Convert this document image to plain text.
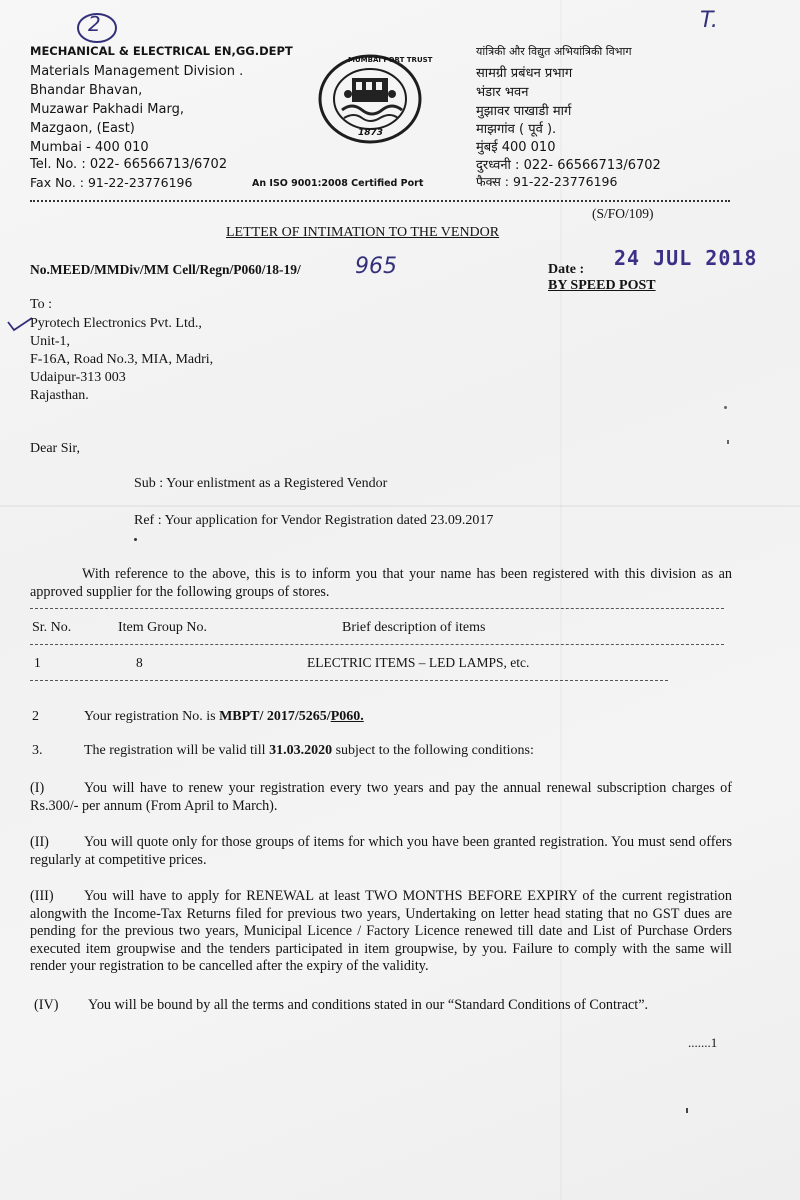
2	T.
MECHANICAL & ELECTRICAL EN,GG.DEPT
Materials Management Division .
Bhandar Bhavan,
Muzawar Pakhadi Marg,
Mazgaon, (East)
Mumbai - 400 010
Tel. No. : 022- 66566713/6702
Fax No. : 91-22-23776196
MUMBAI PORT TRUST
1873
An ISO 9001:2008 Certified Port
यांत्रिकी और विद्युत अभियांत्रिकी विभाग
सामग्री प्रबंधन प्रभाग
भंडार भवन
मुझावर पाखाडी मार्ग
माझगांव ( पूर्व ).
मुंबई 400 010
दुरध्वनी : 022- 66566713/6702
फैक्स : 91-22-23776196
(S/FO/109)
LETTER OF INTIMATION TO THE VENDOR
No.MEED/MMDiv/MM Cell/Regn/P060/18-19/ 965	Date : 24 JUL 2018
BY SPEED POST
To :
Pyrotech Electronics Pvt. Ltd.,
Unit-1,
F-16A, Road No.3, MIA, Madri,
Udaipur-313 003
Rajasthan.
Dear Sir,
Sub : Your enlistment as a Registered Vendor
Ref : Your application for Vendor Registration dated 23.09.2017
With reference to the above, this is to inform you that your name has been registered with this division as an approved supplier for the following groups of stores.
Sr. No.	Item Group No.	Brief description of items
1	8	ELECTRIC ITEMS – LED LAMPS, etc.
2	Your registration No. is MBPT/ 2017/5265/P060.
3.	The registration will be valid till 31.03.2020 subject to the following conditions:
(I)	You will have to renew your registration every two years and pay the annual renewal subscription charges of Rs.300/- per annum (From April to March).
(II) You will quote only for those groups of items for which you have been granted registration. You must send offers regularly at competitive prices.
(III) You will have to apply for RENEWAL at least TWO MONTHS BEFORE EXPIRY of the current registration alongwith the Income-Tax Returns filed for previous two years, Undertaking on letter head stating that no GST dues are pending for the previous two years, Municipal Licence / Factory Licence renewed till date and List of Purchase Orders executed item groupwise and the tenders participated in item groupwise, by you. Failure to comply with the same will render your registration to be cancelled after the expiry of the validity.
(IV) You will be bound by all the terms and conditions stated in our “Standard Conditions of Contract”.
.......1
